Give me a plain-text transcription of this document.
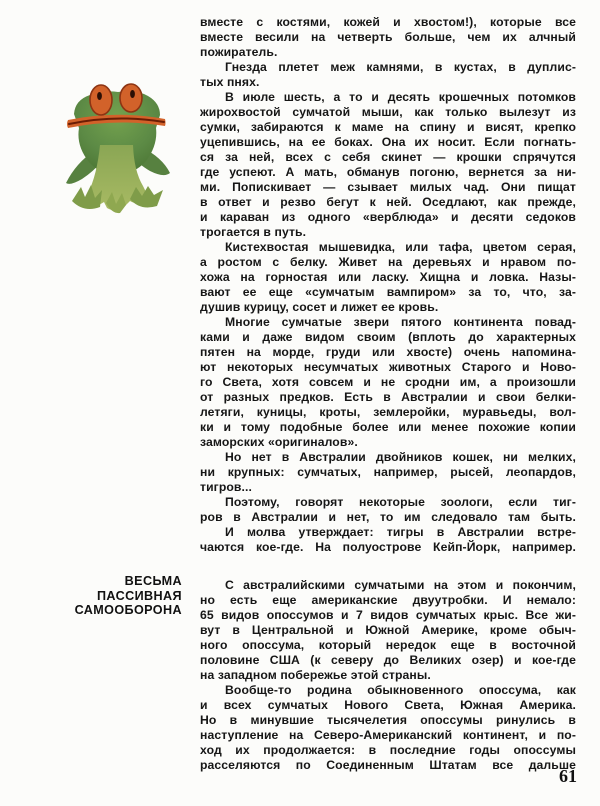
ВЕСЬМА
ПАССИВНАЯ
САМООБОРОНА
вместе с костями, кожей и хвостом!), которые все
вместе весили на четверть больше, чем их алчный
пожиратель.
Гнезда плетет меж камнями, в кустах, в дуплис-
тых пнях.
В июле шесть, а то и десять крошечных потомков
жирохвостой сумчатой мыши, как только вылезут из
сумки, забираются к маме на спину и висят, крепко
уцепившись, на ее боках. Она их носит. Если погнать-
ся за ней, всех с себя скинет — крошки спрячутся
где успеют. А мать, обманув погоню, вернется за ни-
ми. Попискивает — сзывает милых чад. Они пищат
в ответ и резво бегут к ней. Оседлают, как прежде,
и караван из одного «верблюда» и десяти седоков
трогается в путь.
Кистехвостая мышевидка, или тафа, цветом серая,
а ростом с белку. Живет на деревьях и нравом по-
хожа на горностая или ласку. Хищна и ловка. Назы-
вают ее еще «сумчатым вампиром» за то, что, за-
душив курицу, сосет и лижет ее кровь.
Многие сумчатые звери пятого континента повад-
ками и даже видом своим (вплоть до характерных
пятен на морде, груди или хвосте) очень напомина-
ют некоторых несумчатых животных Старого и Ново-
го Света, хотя совсем и не сродни им, а произошли
от разных предков. Есть в Австралии и свои белки-
летяги, куницы, кроты, землеройки, муравьеды, вол-
ки и тому подобные более или менее похожие копии
заморских «оригиналов».
Но нет в Австралии двойников кошек, ни мелких,
ни крупных: сумчатых, например, рысей, леопардов,
тигров...
Поэтому, говорят некоторые зоологи, если тиг-
ров в Австралии и нет, то им следовало там быть.
И молва утверждает: тигры в Австралии встре-
чаются кое-где. На полуострове Кейп-Йорк, например.
С австралийскими сумчатыми на этом и покончим,
но есть еще американские двуутробки. И немало:
65 видов опоссумов и 7 видов сумчатых крыс. Все жи-
вут в Центральной и Южной Америке, кроме обыч-
ного опоссума, который нередок еще в восточной
половине США (к северу до Великих озер) и кое-где
на западном побережье этой страны.
Вообще-то родина обыкновенного опоссума, как
и всех сумчатых Нового Света, Южная Америка.
Но в минувшие тысячелетия опоссумы ринулись в
наступление на Северо-Американский континент, и по-
ход их продолжается: в последние годы опоссумы
расселяются по Соединенным Штатам все дальше
61
